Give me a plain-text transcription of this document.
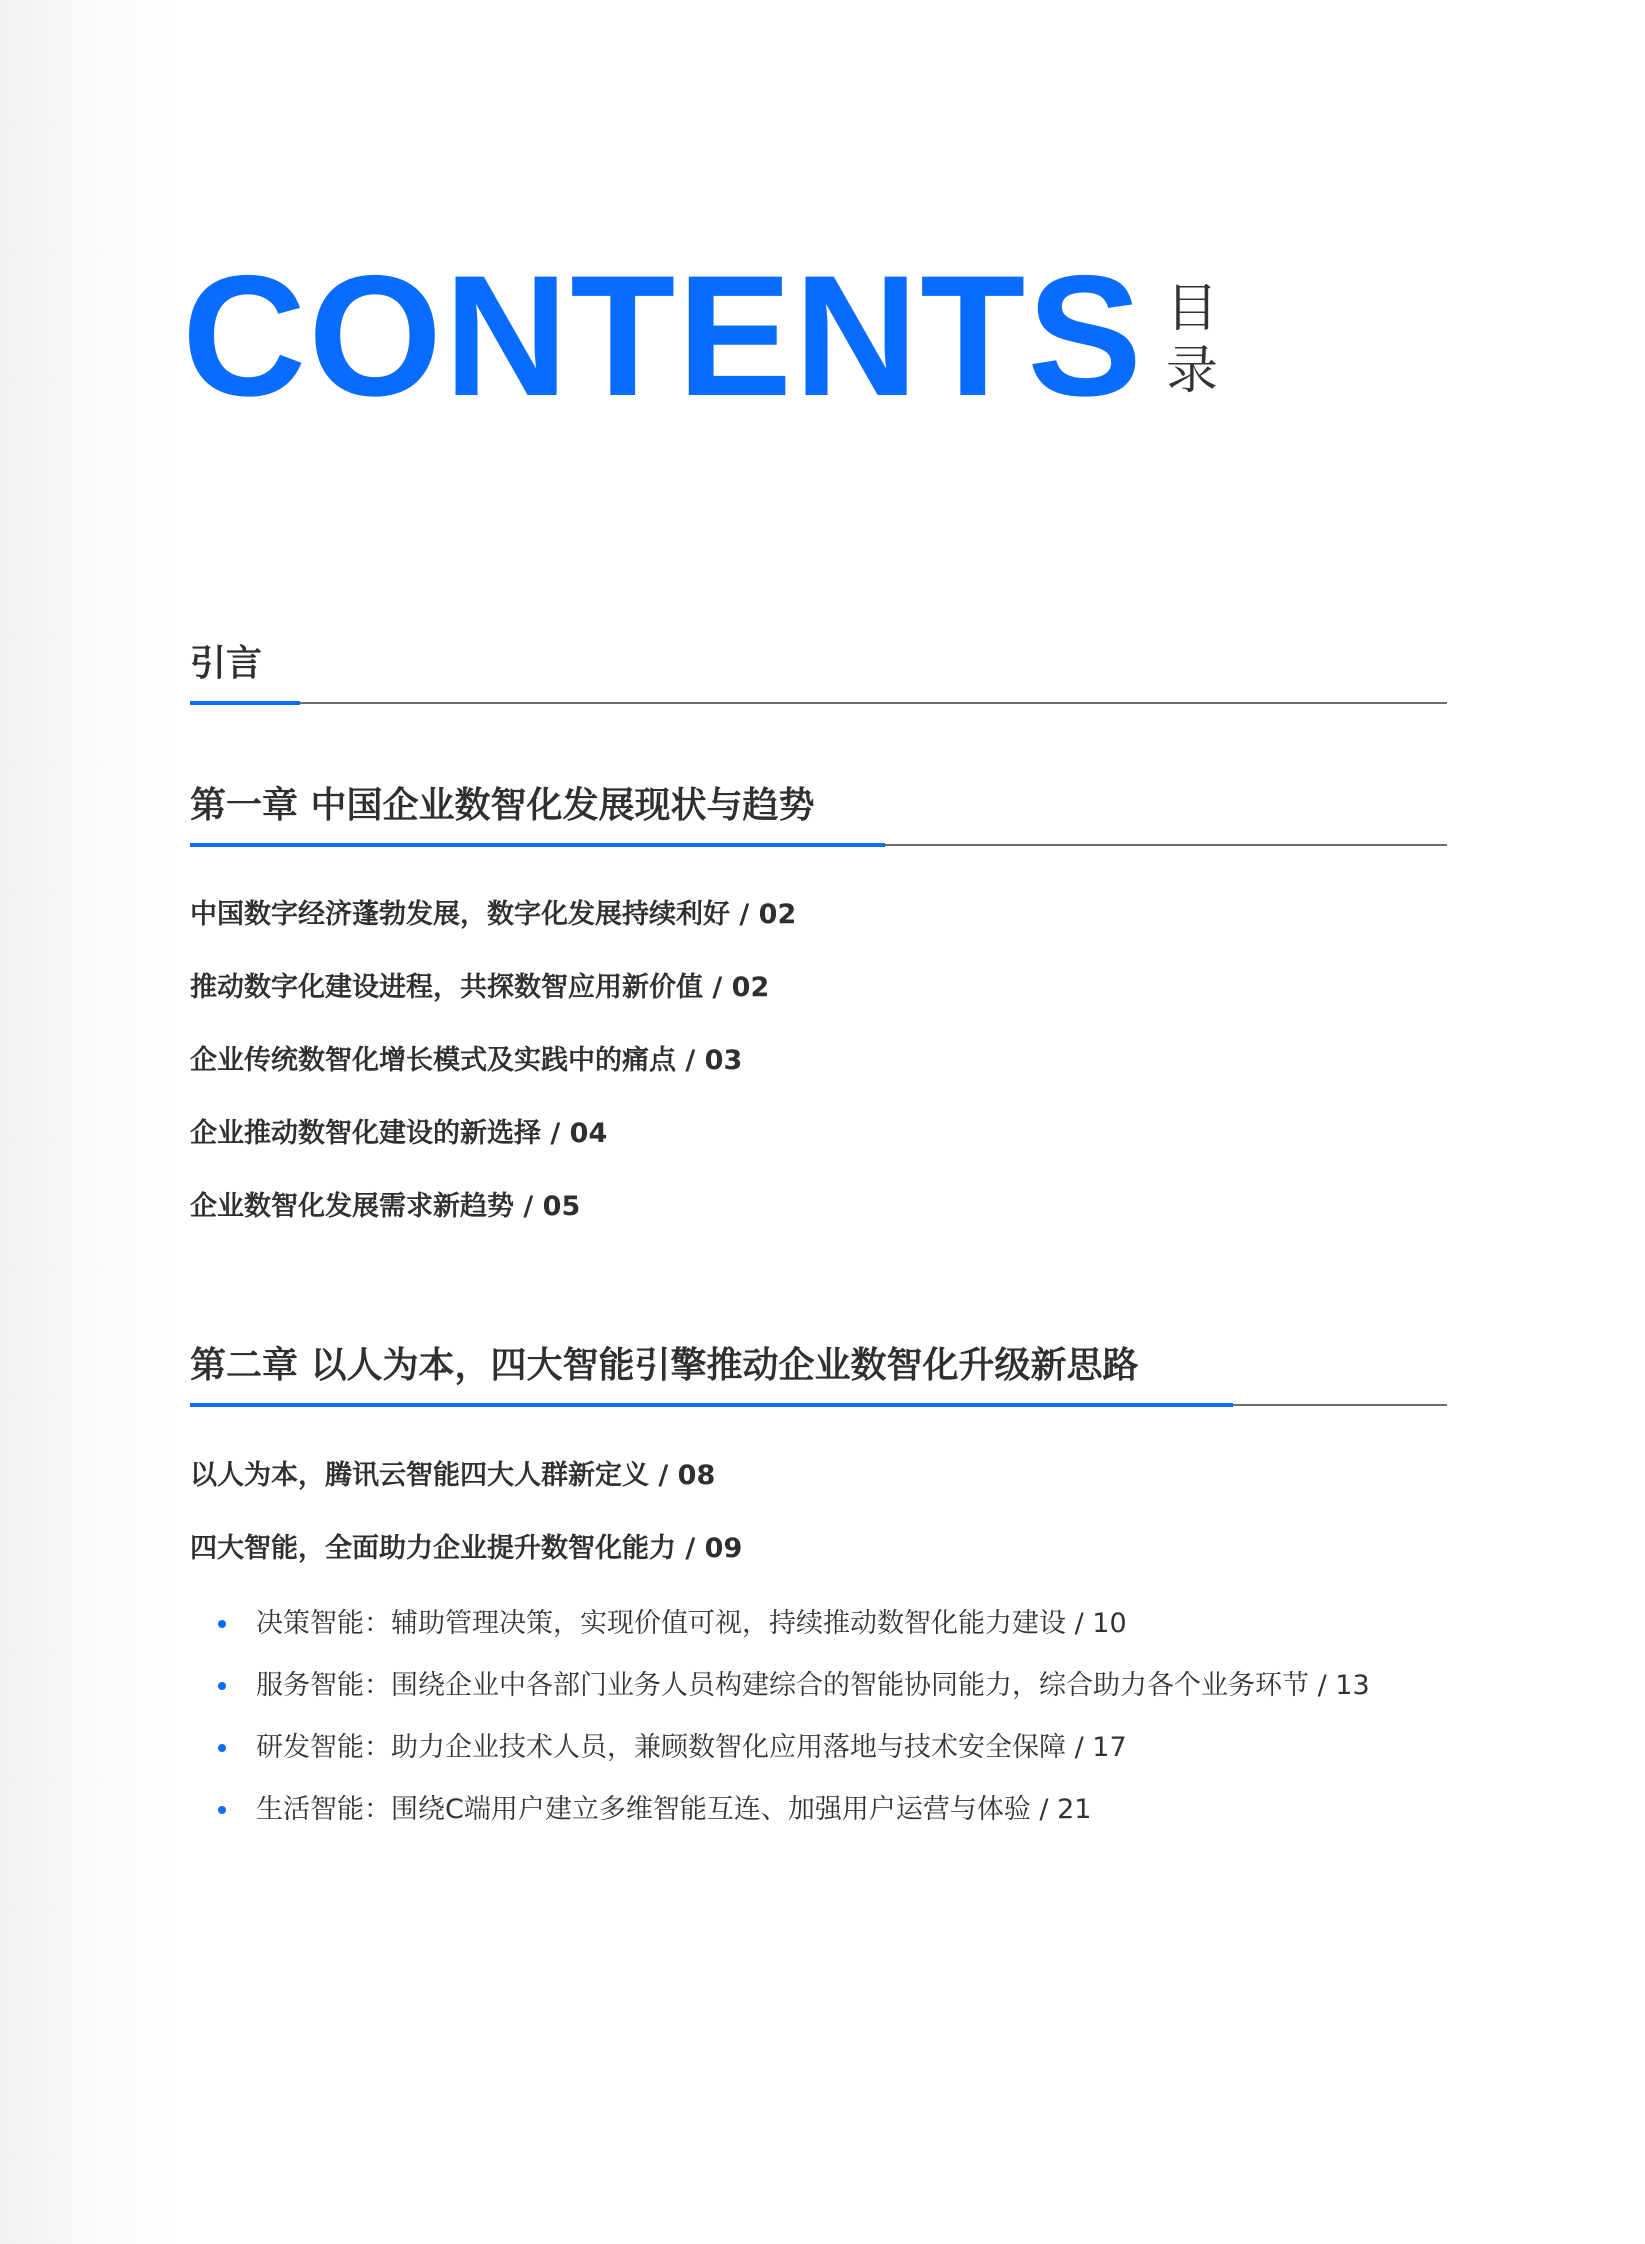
CONTENTS 目
录
引言
第一章 中国企业数智化发展现状与趋势
中国数字经济蓬勃发展，数字化发展持续利好 / 02
推动数字化建设进程，共探数智应用新价值 / 02
企业传统数智化增长模式及实践中的痛点 / 03
企业推动数智化建设的新选择 / 04
企业数智化发展需求新趋势 / 05
第二章 以人为本，四大智能引擎推动企业数智化升级新思路
以人为本，腾讯云智能四大人群新定义 / 08
四大智能，全面助力企业提升数智化能力 / 09
决策智能：辅助管理决策，实现价值可视，持续推动数智化能力建设 / 10
服务智能：围绕企业中各部门业务人员构建综合的智能协同能力，综合助力各个业务环节 / 13
研发智能：助力企业技术人员，兼顾数智化应用落地与技术安全保障 / 17
生活智能：围绕C端用户建立多维智能互连、加强用户运营与体验 / 21
